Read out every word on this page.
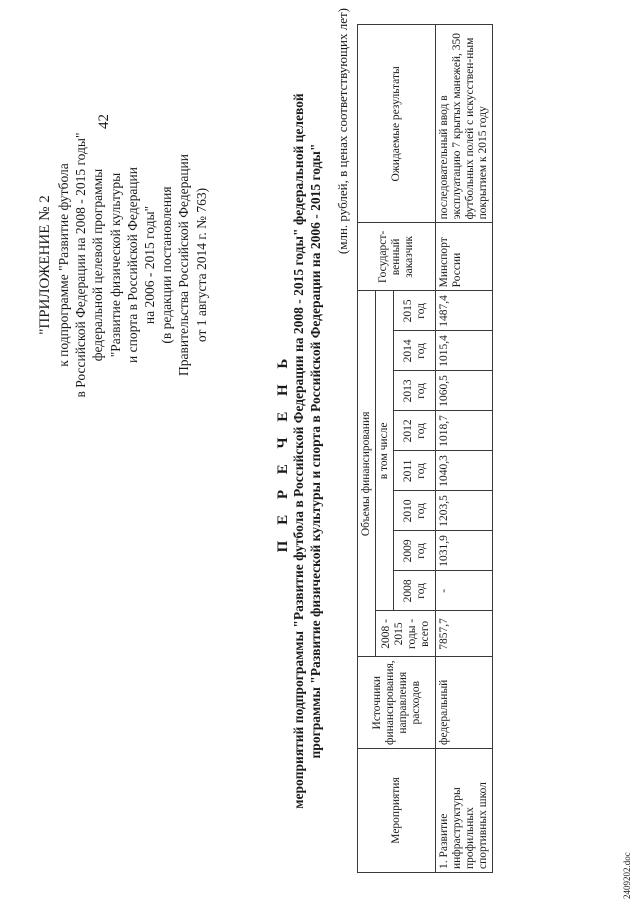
42
"ПРИЛОЖЕНИЕ № 2 к подпрограмме "Развитие футбола в Российской Федерации на 2008 - 2015 годы" федеральной целевой программы "Развитие физической культуры и спорта в Российской Федерации на 2006 - 2015 годы" (в редакции постановления Правительства Российской Федерации от 1 августа 2014 г. № 763)
П Е Р Е Ч Е Н Ь мероприятий подпрограммы "Развитие футбола в Российской Федерации на 2008 - 2015 годы" федеральной целевой программы "Развитие физической культуры и спорта в Российской Федерации на 2006 - 2015 годы"
(млн. рублей, в ценах соответствующих лет)
Мероприятия	Источники финансирования, направления расходов	Объемы финансирования									Государст-венный заказчик	Ожидаемые результаты
		2008 - 2015 годы - всего	в том числе									
			2008 год	2009 год	2010 год	2011 год	2012 год	2013 год	2014 год	2015 год		
1. Развитие инфраструктуры профильных спортивных школ	федеральный	7857,7	-	1031,9	1203,5	1040,3	1018,7	1060,5	1015,4	1487,4	Минспорт России	последовательный ввод в эксплуатацию 7 крытых манежей, 350 футбольных полей с искусствен-ным покрытием к 2015 году
2409202.doc
